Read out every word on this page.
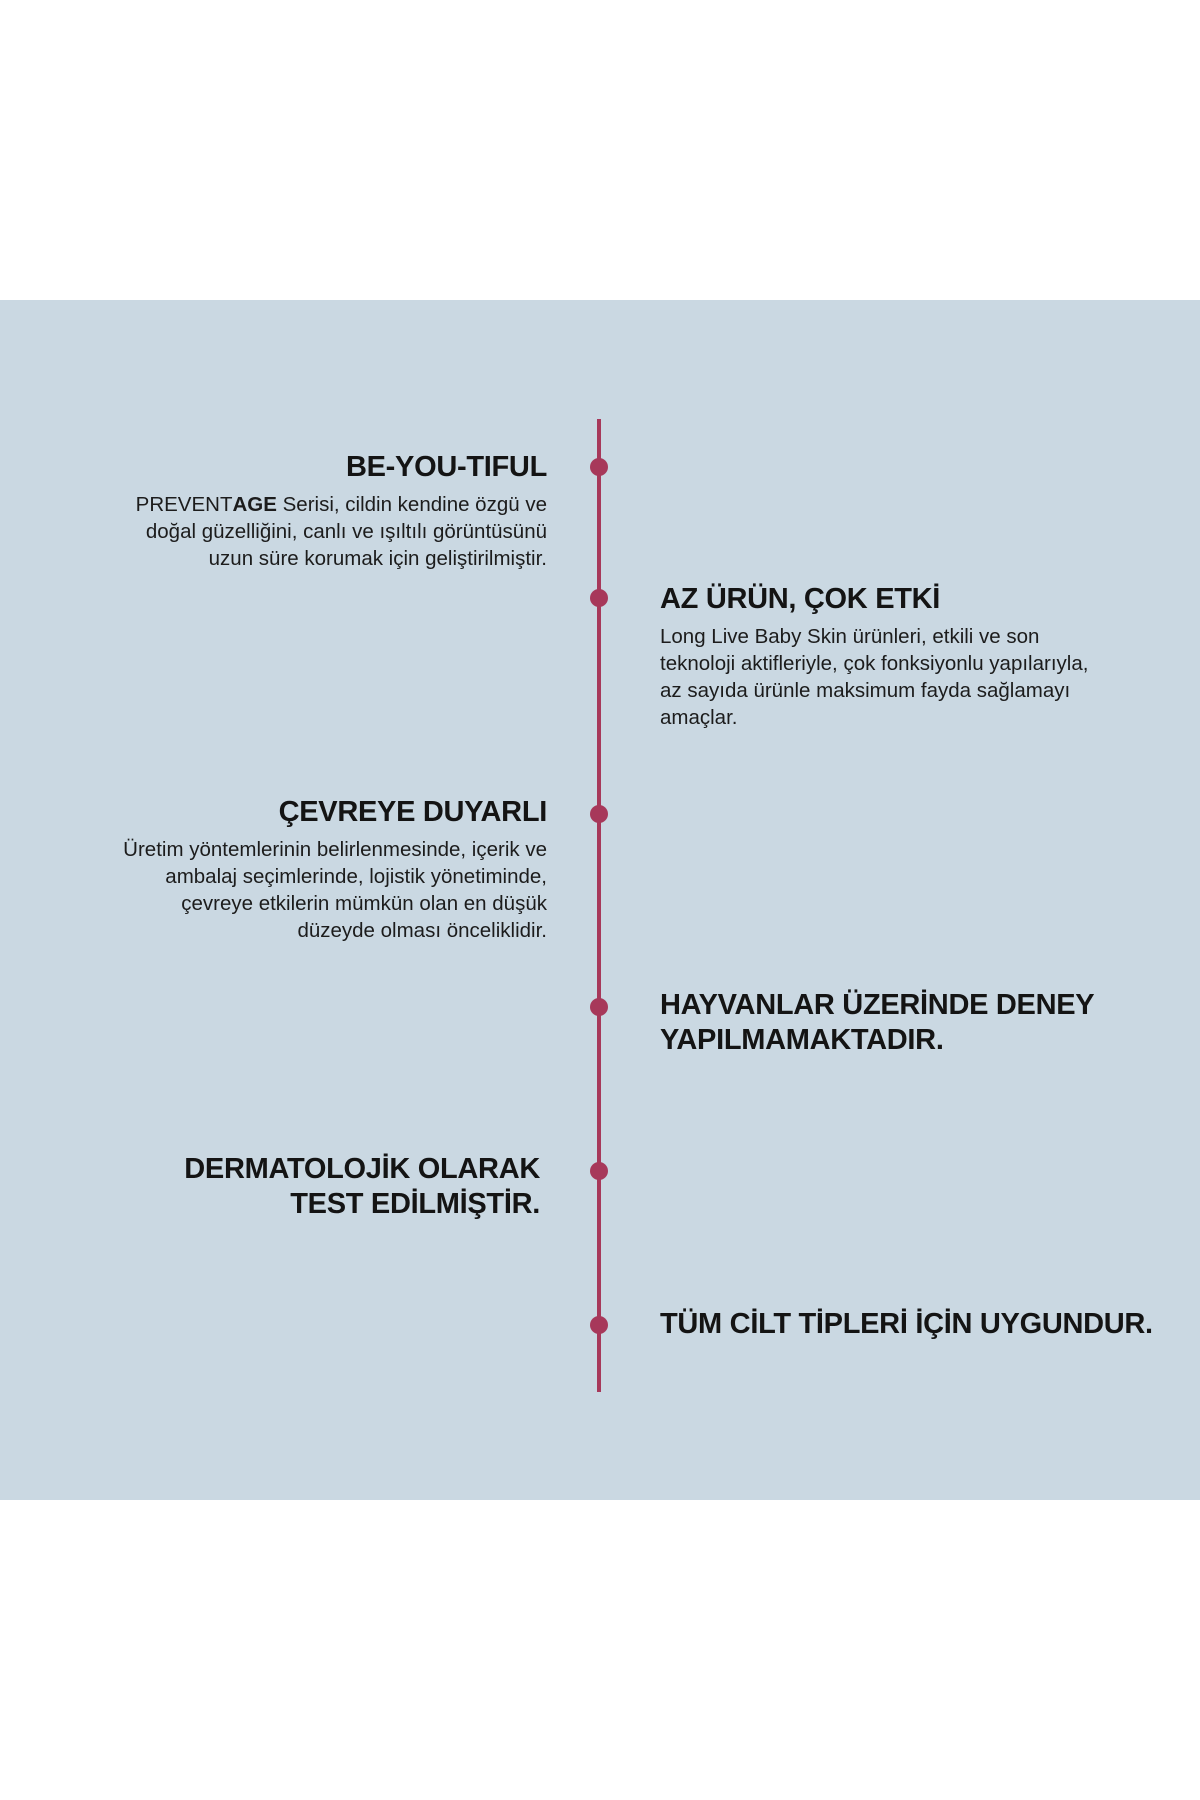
BE-YOU-TIFUL

PREVENTAGE Serisi, cildin kendine özgü ve doğal güzelliğini, canlı ve ışıltılı görüntüsünü uzun süre korumak için geliştirilmiştir.

AZ ÜRÜN, ÇOK ETKİ

Long Live Baby Skin ürünleri, etkili ve son teknoloji aktifleriyle, çok fonksiyonlu yapılarıyla, az sayıda ürünle maksimum fayda sağlamayı amaçlar.

ÇEVREYE DUYARLI

Üretim yöntemlerinin belirlenmesinde, içerik ve ambalaj seçimlerinde, lojistik yönetiminde, çevreye etkilerin mümkün olan en düşük düzeyde olması önceliklidir.

HAYVANLAR ÜZERİNDE DENEY YAPILMAMAKTADIR.
DERMATOLOJİK OLARAK TEST EDİLMİŞTİR.
TÜM CİLT TİPLERİ İÇİN UYGUNDUR.
